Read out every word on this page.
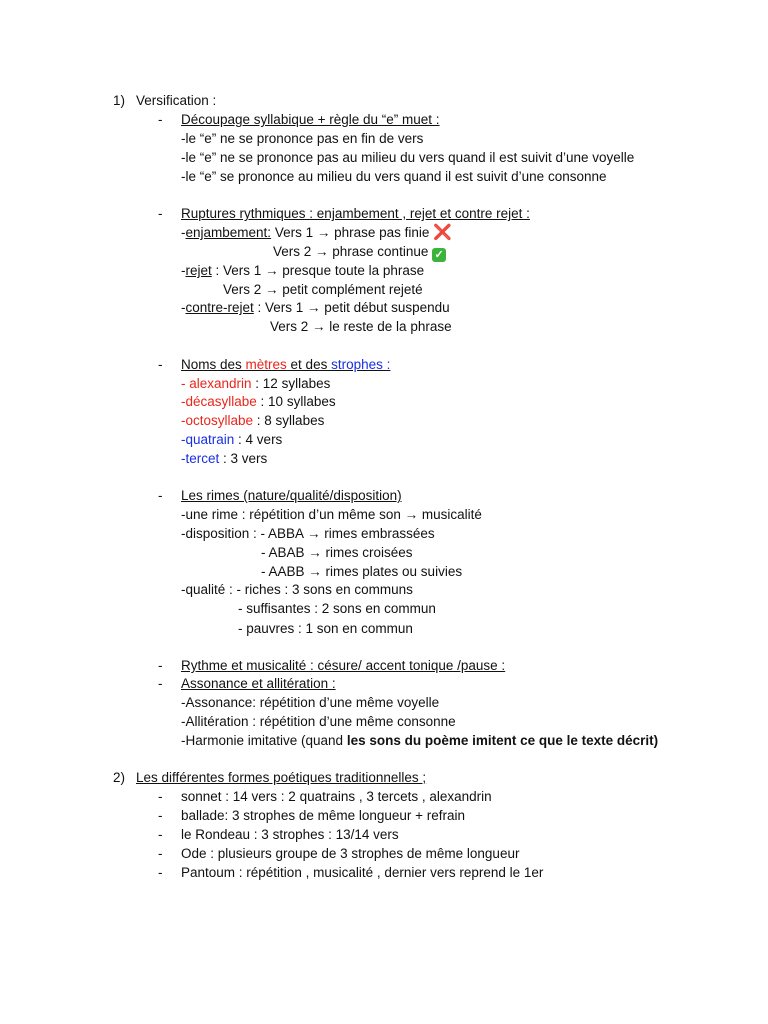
1) Versification :
- Découpage syllabique + règle du “e” muet :
-le “e” ne se prononce pas en fin de vers
-le “e” ne se prononce pas au milieu du vers quand il est suivit d’une voyelle
-le “e” se prononce au milieu du vers quand il est suivit d’une consonne
- Ruptures rythmiques : enjambement , rejet et contre rejet :
-enjambement: Vers 1 → phrase pas finie ❌
Vers 2 → phrase continue ✓
-rejet : Vers 1 → presque toute la phrase
Vers 2 → petit complément rejeté
-contre-rejet : Vers 1 → petit début suspendu
Vers 2 → le reste de la phrase
- Noms des mètres et des strophes :
- alexandrin : 12 syllabes
-décasyllabe : 10 syllabes
-octosyllabe : 8 syllabes
-quatrain : 4 vers
-tercet : 3 vers
- Les rimes (nature/qualité/disposition)
-une rime : répétition d’un même son → musicalité
-disposition : - ABBA → rimes embrassées
- ABAB → rimes croisées
- AABB → rimes plates ou suivies
-qualité : - riches : 3 sons en communs
- suffisantes : 2 sons en commun
- pauvres : 1 son en commun
- Rythme et musicalité : césure/ accent tonique /pause :
- Assonance et allitération :
-Assonance: répétition d’une même voyelle
-Allitération : répétition d’une même consonne
-Harmonie imitative (quand les sons du poème imitent ce que le texte décrit)
2) Les différentes formes poétiques traditionnelles ;
- sonnet : 14 vers : 2 quatrains , 3 tercets , alexandrin
- ballade: 3 strophes de même longueur + refrain
- le Rondeau : 3 strophes : 13/14 vers
- Ode : plusieurs groupe de 3 strophes de même longueur
- Pantoum : répétition , musicalité , dernier vers reprend le 1er
